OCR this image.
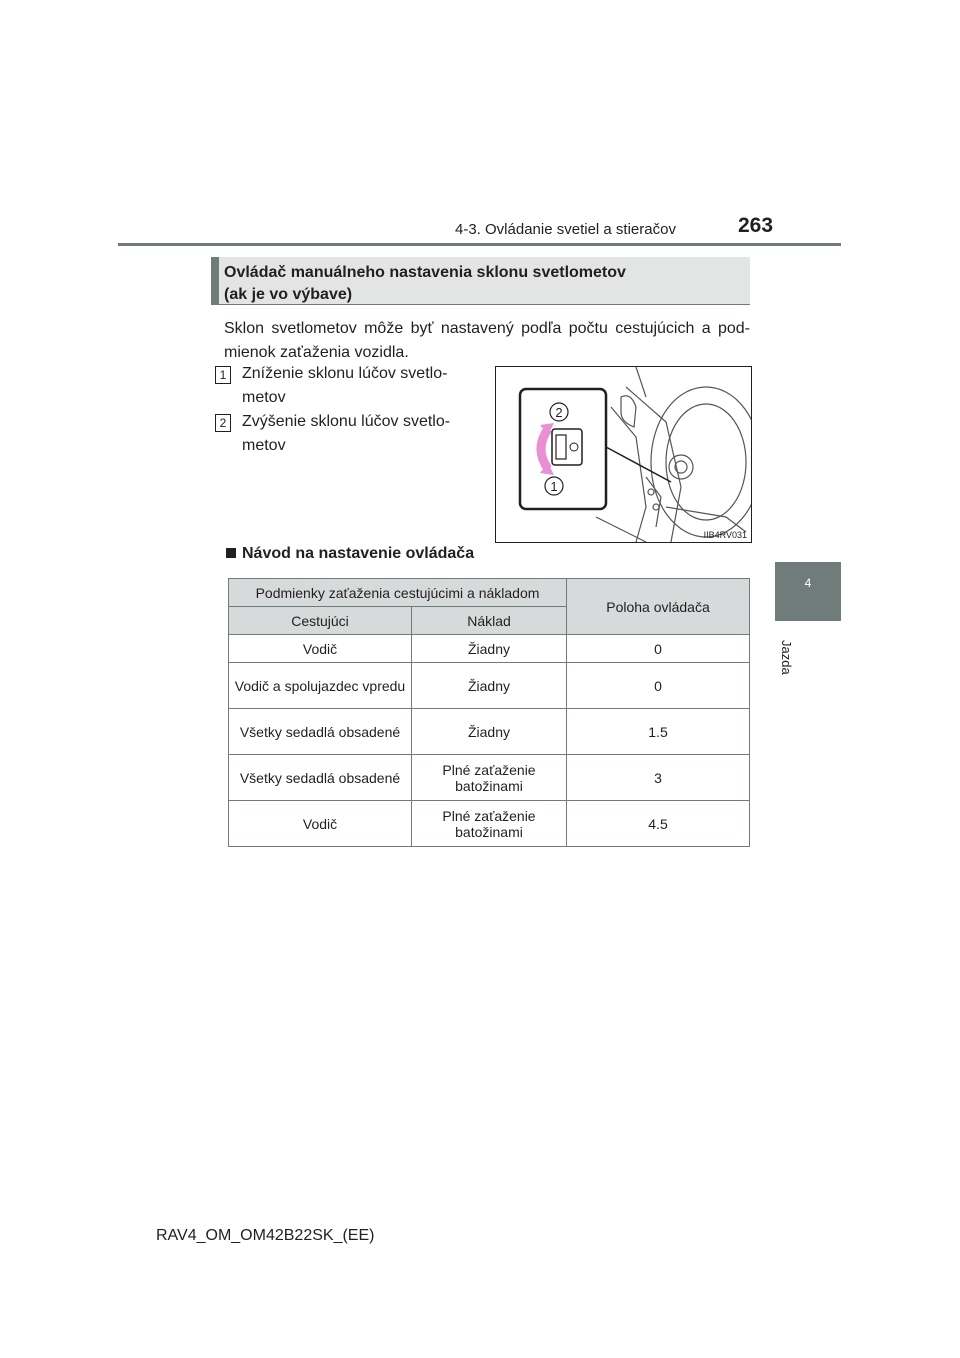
4-3. Ovládanie svetiel a stieračov	263
4
Jazda
Ovládač manuálneho nastavenia sklonu svetlometov
(ak je vo výbave)
Sklon svetlometov môže byť nastavený podľa počtu cestujúcich a pod-mienok zaťaženia vozidla.
1 Zníženie sklonu lúčov svetlo-
metov
2 Zvýšenie sklonu lúčov svetlo-
metov
2
1
IIB4RV031
Návod na nastavenie ovládača
Podmienky zaťaženia cestujúcimi a nákladom		Poloha ovládača
Cestujúci	Náklad	
Vodič	Žiadny	0
Vodič a spolujazdec vpredu	Žiadny	0
Všetky sedadlá obsadené	Žiadny	1.5
Všetky sedadlá obsadené	Plné zaťaženie batožinami	3
Vodič	Plné zaťaženie batožinami	4.5
RAV4_OM_OM42B22SK_(EE)
